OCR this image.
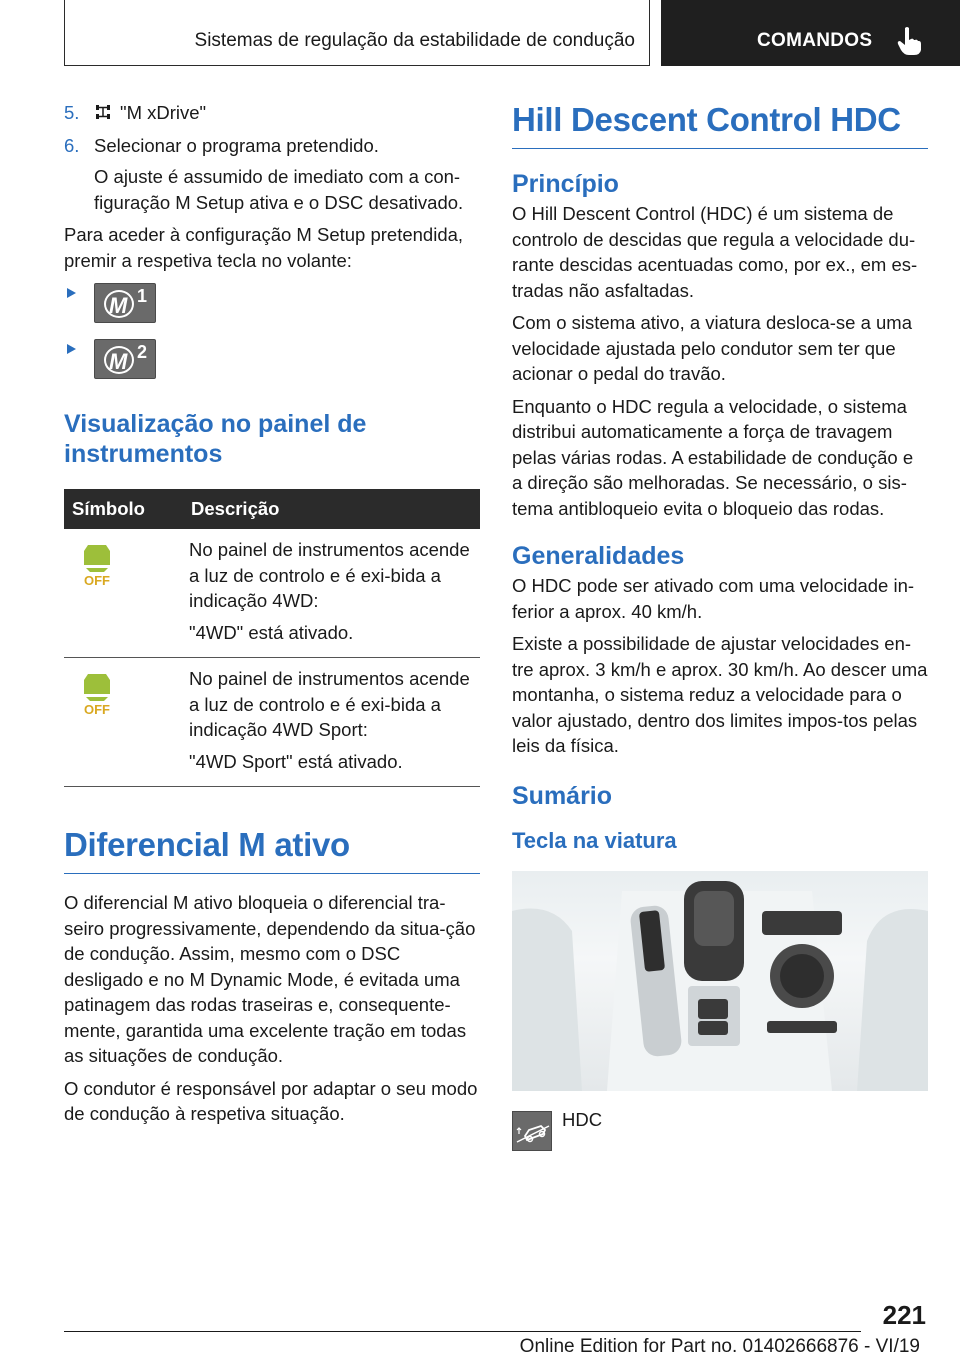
Sistemas de regulação da estabilidade de condução	COMANDOS
5. "M xDrive"
6. Selecionar o programa pretendido.
O ajuste é assumido de imediato com a con-figuração M Setup ativa e o DSC desativado.

Para aceder à configuração M Setup pretendida, premir a respetiva tecla no volante:

M 1
M 2
Visualização no painel de instrumentos
Símbolo	Descrição

OFF	No painel de instrumentos acende a luz de controlo e é exi-bida a indicação 4WD:

"4WD" está ativado.

OFF	No painel de instrumentos acende a luz de controlo e é exi-bida a indicação 4WD Sport:

"4WD Sport" está ativado.

Diferencial M ativo

O diferencial M ativo bloqueia o diferencial tra-seiro progressivamente, dependendo da situa-ção de condução. Assim, mesmo com o DSC desligado e no M Dynamic Mode, é evitada uma patinagem das rodas traseiras e, consequente-mente, garantida uma excelente tração em todas as situações de condução.

O condutor é responsável por adaptar o seu modo de condução à respetiva situação.

Hill Descent Control HDC
Princípio

O Hill Descent Control (HDC) é um sistema de controlo de descidas que regula a velocidade du-rante descidas acentuadas como, por ex., em es-tradas não asfaltadas.

Com o sistema ativo, a viatura desloca-se a uma velocidade ajustada pelo condutor sem ter que acionar o pedal do travão.

Enquanto o HDC regula a velocidade, o sistema distribui automaticamente a força de travagem pelas várias rodas. A estabilidade de condução e a direção são melhoradas. Se necessário, o sis-tema antibloqueio evita o bloqueio das rodas.

Generalidades

O HDC pode ser ativado com uma velocidade in-ferior a aprox. 40 km/h.

Existe a possibilidade de ajustar velocidades en-tre aprox. 3 km/h e aprox. 30 km/h. Ao descer uma montanha, o sistema reduz a velocidade para o valor ajustado, dentro dos limites impos-tos pelas leis da física.

Sumário
Tecla na viatura
HDC
221
Online Edition for Part no. 01402666876 - VI/19
